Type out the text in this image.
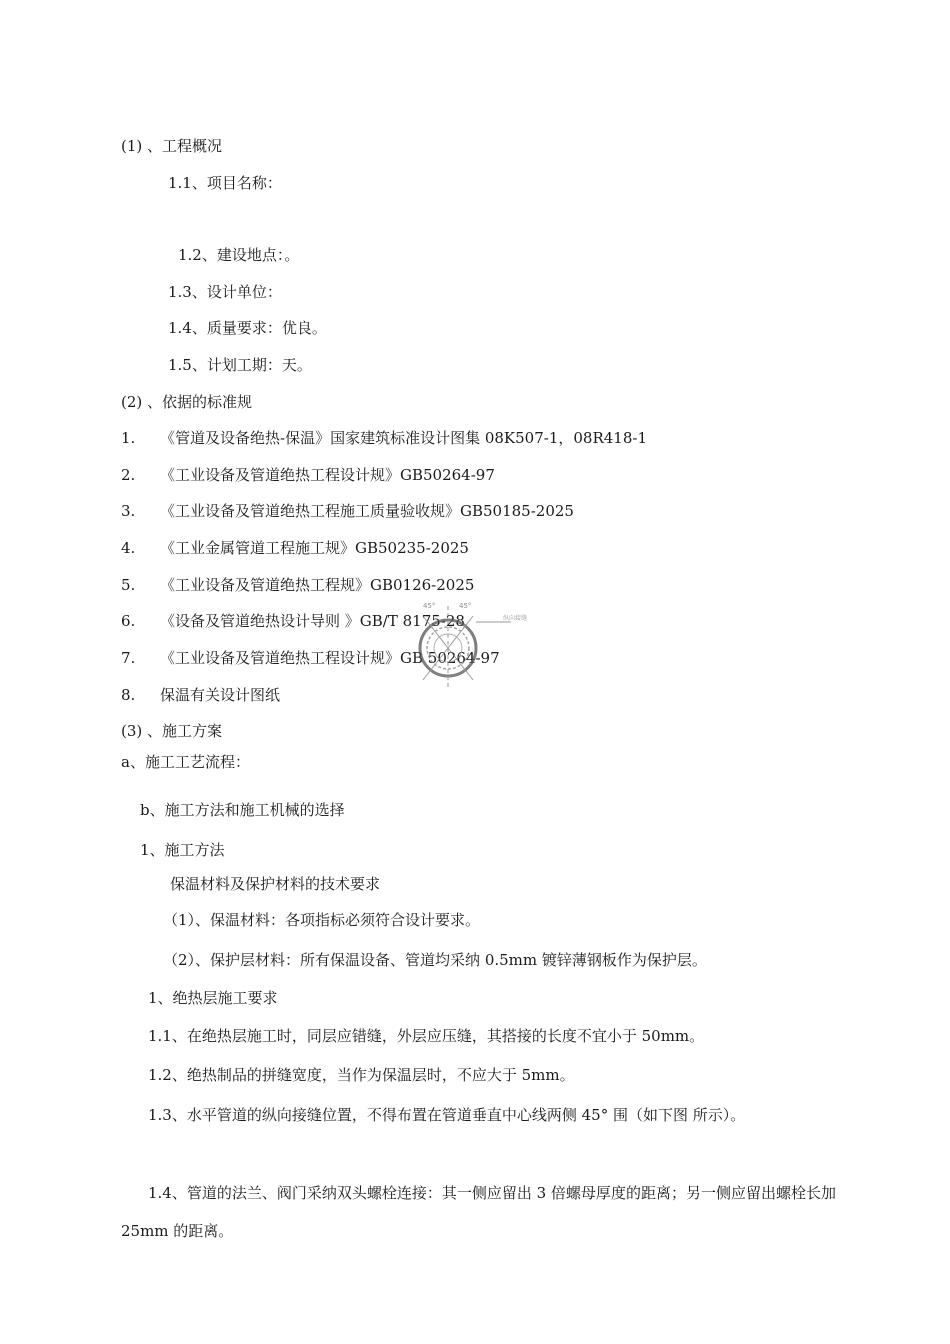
(1) 、工程概况
1.1、项目名称：
1.2、建设地点：。
1.3、设计单位：
1.4、质量要求：优良。
1.5、计划工期：天。
(2) 、依据的标准规
1. 《管道及设备绝热-保温》国家建筑标准设计图集 08K507-1，08R418-1
2. 《工业设备及管道绝热工程设计规》GB50264-97
3. 《工业设备及管道绝热工程施工质量验收规》GB50185-2025
4. 《工业金属管道工程施工规》GB50235-2025
5. 《工业设备及管道绝热工程规》GB0126-2025
6. 《设备及管道绝热设计导则 》GB/T 8175-28
7. 《工业设备及管道绝热工程设计规》GB 50264-97
8. 保温有关设计图纸
45°	45°
纵向接缝
(3) 、施工方案
a、施工工艺流程：
b、施工方法和施工机械的选择
1、施工方法
保温材料及保护材料的技术要求
（1）、保温材料：各项指标必须符合设计要求。
（2）、保护层材料：所有保温设备、管道均采纳 0.5mm 镀锌薄钢板作为保护层。
1、绝热层施工要求
1.1、在绝热层施工时，同层应错缝，外层应压缝，其搭接的长度不宜小于 50mm。
1.2、绝热制品的拼缝宽度，当作为保温层时，不应大于 5mm。
1.3、水平管道的纵向接缝位置，不得布置在管道垂直中心线两侧 45° 围（如下图 所示）。
1.4、管道的法兰、阀门采纳双头螺栓连接：其一侧应留出 3 倍螺母厚度的距离；另一侧应留出螺栓长加 25mm 的距离。
